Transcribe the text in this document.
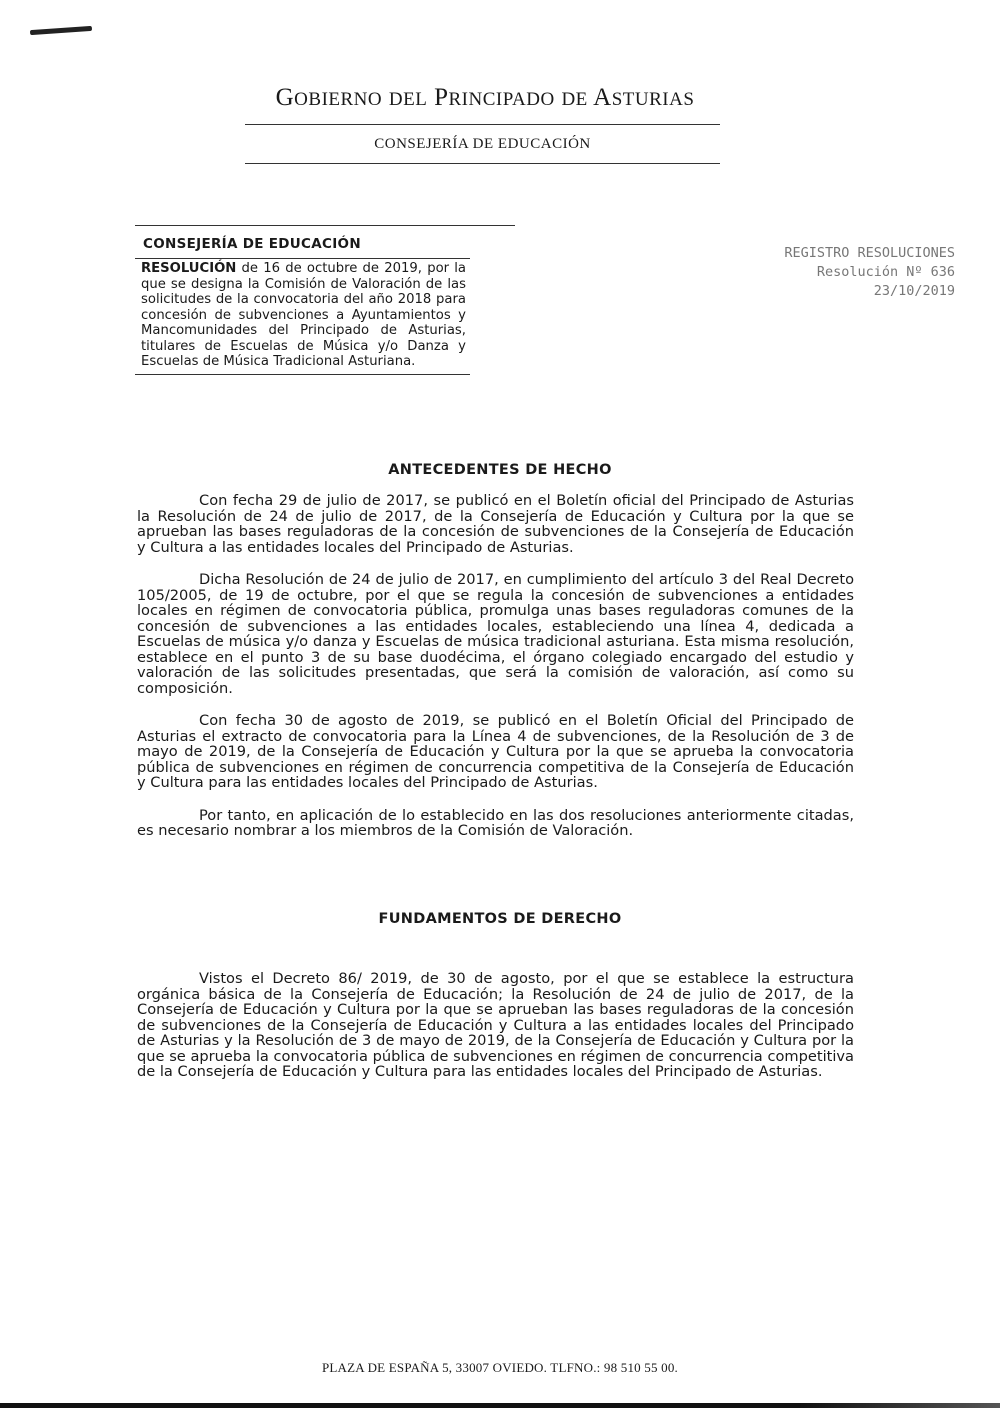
GOBIERNO DEL PRINCIPADO DE ASTURIAS
CONSEJERÍA DE EDUCACIÓN
CONSEJERÍA DE EDUCACIÓN
RESOLUCIÓN de 16 de octubre de 2019, por la que se designa la Comisión de Valoración de las solicitudes de la convocatoria del año 2018 para concesión de subvenciones a Ayuntamientos y Mancomunidades del Principado de Asturias, titulares de Escuelas de Música y/o Danza y Escuelas de Música Tradicional Asturiana.
REGISTRO RESOLUCIONES
Resolución Nº 636
23/10/2019
ANTECEDENTES DE HECHO

Con fecha 29 de julio de 2017, se publicó en el Boletín oficial del Principado de Asturias la Resolución de 24 de julio de 2017, de la Consejería de Educación y Cultura por la que se aprueban las bases reguladoras de la concesión de subvenciones de la Consejería de Educación y Cultura a las entidades locales del Principado de Asturias.

Dicha Resolución de 24 de julio de 2017, en cumplimiento del artículo 3 del Real Decreto 105/2005, de 19 de octubre, por el que se regula la concesión de subvenciones a entidades locales en régimen de convocatoria pública, promulga unas bases reguladoras comunes de la concesión de subvenciones a las entidades locales, estableciendo una línea 4, dedicada a Escuelas de música y/o danza y Escuelas de música tradicional asturiana. Esta misma resolución, establece en el punto 3 de su base duodécima, el órgano colegiado encargado del estudio y valoración de las solicitudes presentadas, que será la comisión de valoración, así como su composición.

Con fecha 30 de agosto de 2019, se publicó en el Boletín Oficial del Principado de Asturias el extracto de convocatoria para la Línea 4 de subvenciones, de la Resolución de 3 de mayo de 2019, de la Consejería de Educación y Cultura por la que se aprueba la convocatoria pública de subvenciones en régimen de concurrencia competitiva de la Consejería de Educación y Cultura para las entidades locales del Principado de Asturias.

Por tanto, en aplicación de lo establecido en las dos resoluciones anteriormente citadas, es necesario nombrar a los miembros de la Comisión de Valoración.

FUNDAMENTOS DE DERECHO

Vistos el Decreto 86/ 2019, de 30 de agosto, por el que se establece la estructura orgánica básica de la Consejería de Educación; la Resolución de 24 de julio de 2017, de la Consejería de Educación y Cultura por la que se aprueban las bases reguladoras de la concesión de subvenciones de la Consejería de Educación y Cultura a las entidades locales del Principado de Asturias y la Resolución de 3 de mayo de 2019, de la Consejería de Educación y Cultura por la que se aprueba la convocatoria pública de subvenciones en régimen de concurrencia competitiva de la Consejería de Educación y Cultura para las entidades locales del Principado de Asturias.

PLAZA DE ESPAÑA 5, 33007 OVIEDO. TLFNO.: 98 510 55 00.
